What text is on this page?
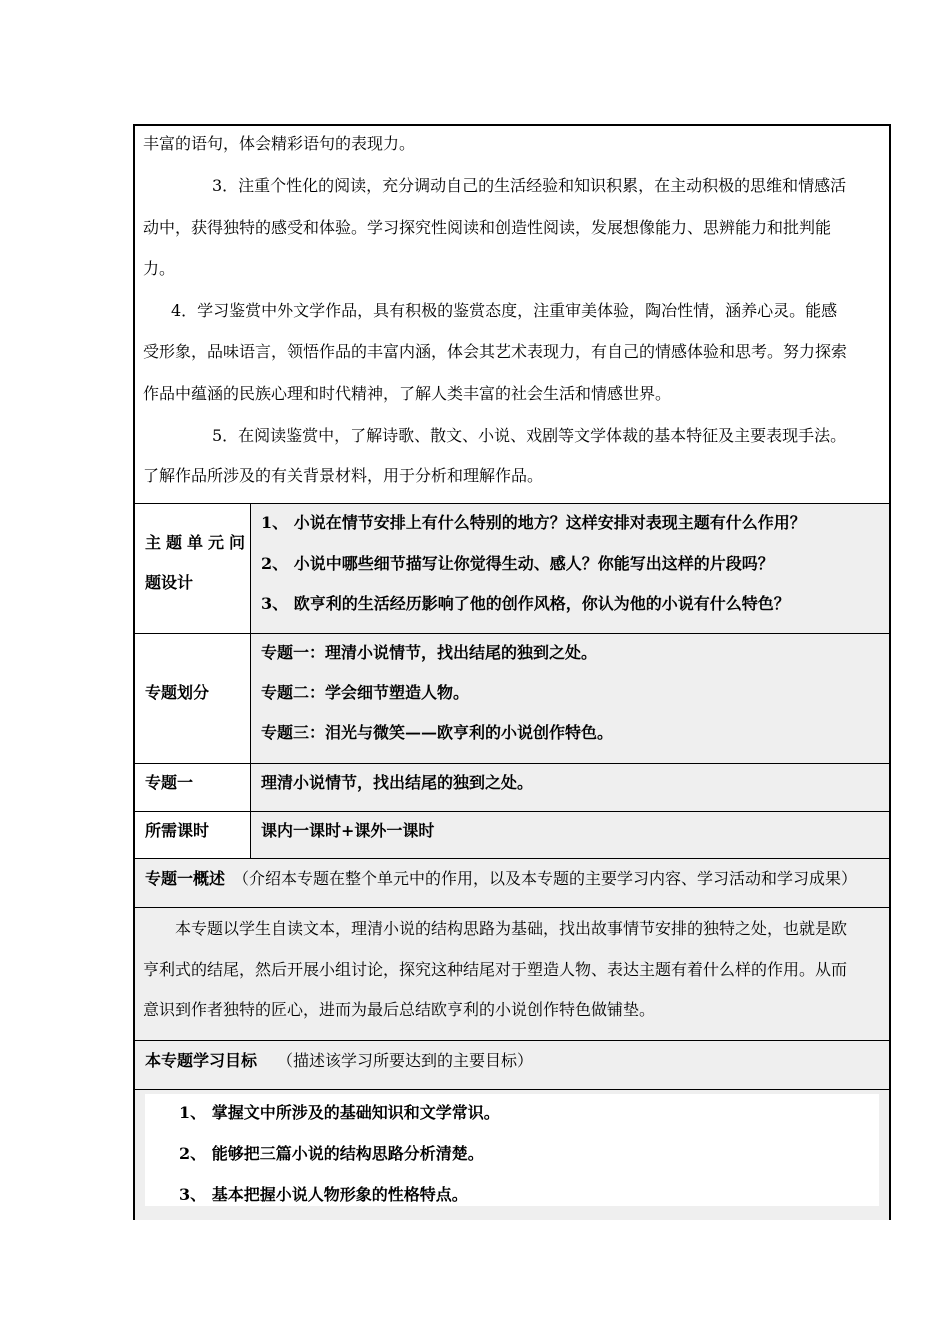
丰富的语句，体会精彩语句的表现力。
3．注重个性化的阅读，充分调动自己的生活经验和知识积累，在主动积极的思维和情感活
动中，获得独特的感受和体验。学习探究性阅读和创造性阅读，发展想像能力、思辨能力和批判能
力。
4．学习鉴赏中外文学作品，具有积极的鉴赏态度，注重审美体验，陶冶性情，涵养心灵。能感
受形象，品味语言，领悟作品的丰富内涵，体会其艺术表现力，有自己的情感体验和思考。努力探索
作品中蕴涵的民族心理和时代精神，了解人类丰富的社会生活和情感世界。
5．在阅读鉴赏中，了解诗歌、散文、小说、戏剧等文学体裁的基本特征及主要表现手法。
了解作品所涉及的有关背景材料，用于分析和理解作品。
主题单元问
题设计
1、 小说在情节安排上有什么特别的地方？这样安排对表现主题有什么作用？
2、 小说中哪些细节描写让你觉得生动、感人？你能写出这样的片段吗？
3、 欧亨利的生活经历影响了他的创作风格，你认为他的小说有什么特色？
专题划分
专题一：理清小说情节，找出结尾的独到之处。
专题二：学会细节塑造人物。
专题三：泪光与微笑——欧亨利的小说创作特色。
专题一	理清小说情节，找出结尾的独到之处。
所需课时	课内一课时+课外一课时
专题一概述 （介绍本专题在整个单元中的作用，以及本专题的主要学习内容、学习活动和学习成果）
本专题以学生自读文本，理清小说的结构思路为基础，找出故事情节安排的独特之处，也就是欧
亨利式的结尾，然后开展小组讨论，探究这种结尾对于塑造人物、表达主题有着什么样的作用。从而
意识到作者独特的匠心，进而为最后总结欧亨利的小说创作特色做铺垫。
本专题学习目标 （描述该学习所要达到的主要目标）
1、 掌握文中所涉及的基础知识和文学常识。
2、 能够把三篇小说的结构思路分析清楚。
3、 基本把握小说人物形象的性格特点。
